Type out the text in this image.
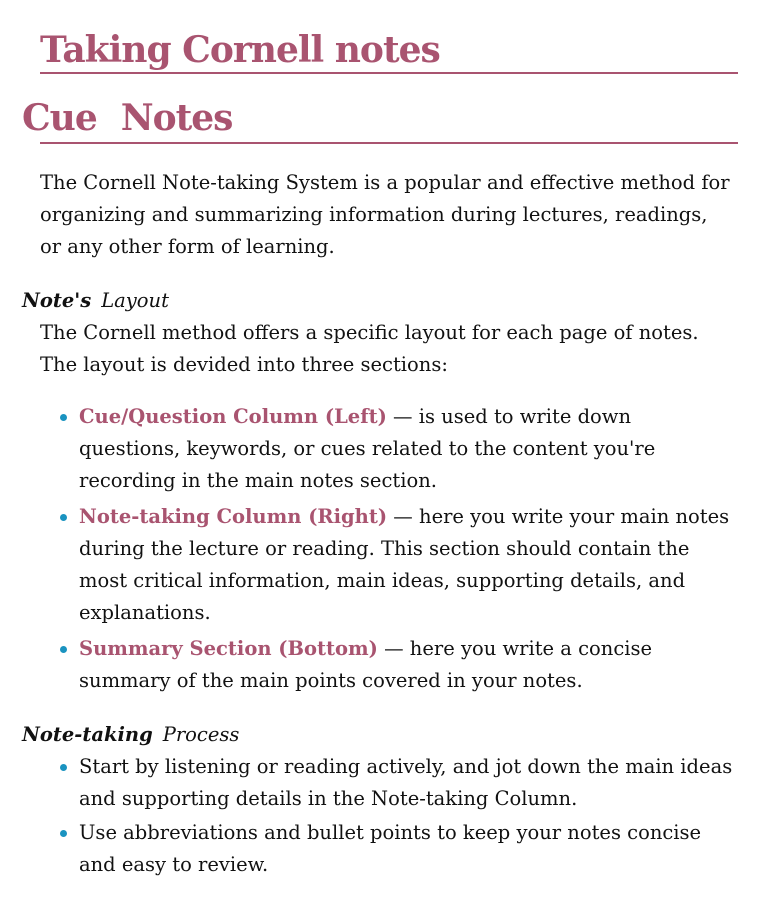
Taking Cornell notes
Cue Notes

The Cornell Note-taking System is a popular and effective method for organizing and summarizing information during lectures, readings, or any other form of learning.

Note's Layout

The Cornell method offers a specific layout for each page of notes. The layout is devided into three sections:

Cue/Question Column (Left) — is used to write down questions, keywords, or cues related to the content you're recording in the main notes section.
Note-taking Column (Right) — here you write your main notes during the lecture or reading. This section should contain the most critical information, main ideas, supporting details, and explanations.
Summary Section (Bottom) — here you write a concise summary of the main points covered in your notes.
Note-taking Process
Start by listening or reading actively, and jot down the main ideas and supporting details in the Note-taking Column.
Use abbreviations and bullet points to keep your notes concise and easy to review.
